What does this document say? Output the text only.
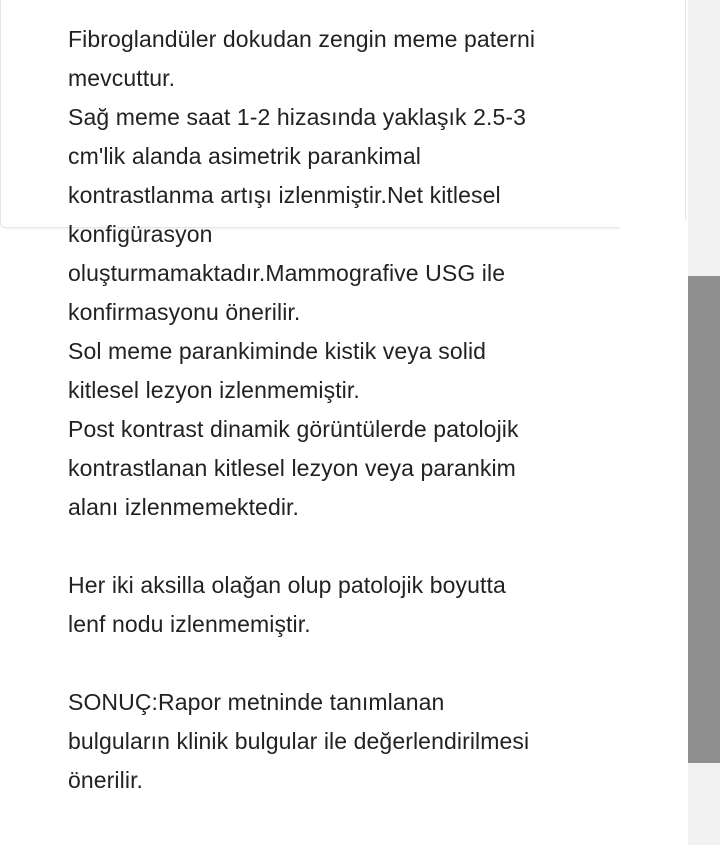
Fibroglandüler dokudan zengin meme paterni

mevcuttur.

Sağ meme saat 1-2 hizasında yaklaşık 2.5-3

cm'lik alanda asimetrik parankimal

kontrastlanma artışı izlenmiştir.Net kitlesel

konfigürasyon

oluşturmamaktadır.Mammografive USG ile

konfirmasyonu önerilir.

Sol meme parankiminde kistik veya solid

kitlesel lezyon izlenmemiştir.

Post kontrast dinamik görüntülerde patolojik

kontrastlanan kitlesel lezyon veya parankim

alanı izlenmemektedir.

Her iki aksilla olağan olup patolojik boyutta

lenf nodu izlenmemiştir.

SONUÇ:Rapor metninde tanımlanan

bulguların klinik bulgular ile değerlendirilmesi

önerilir.
